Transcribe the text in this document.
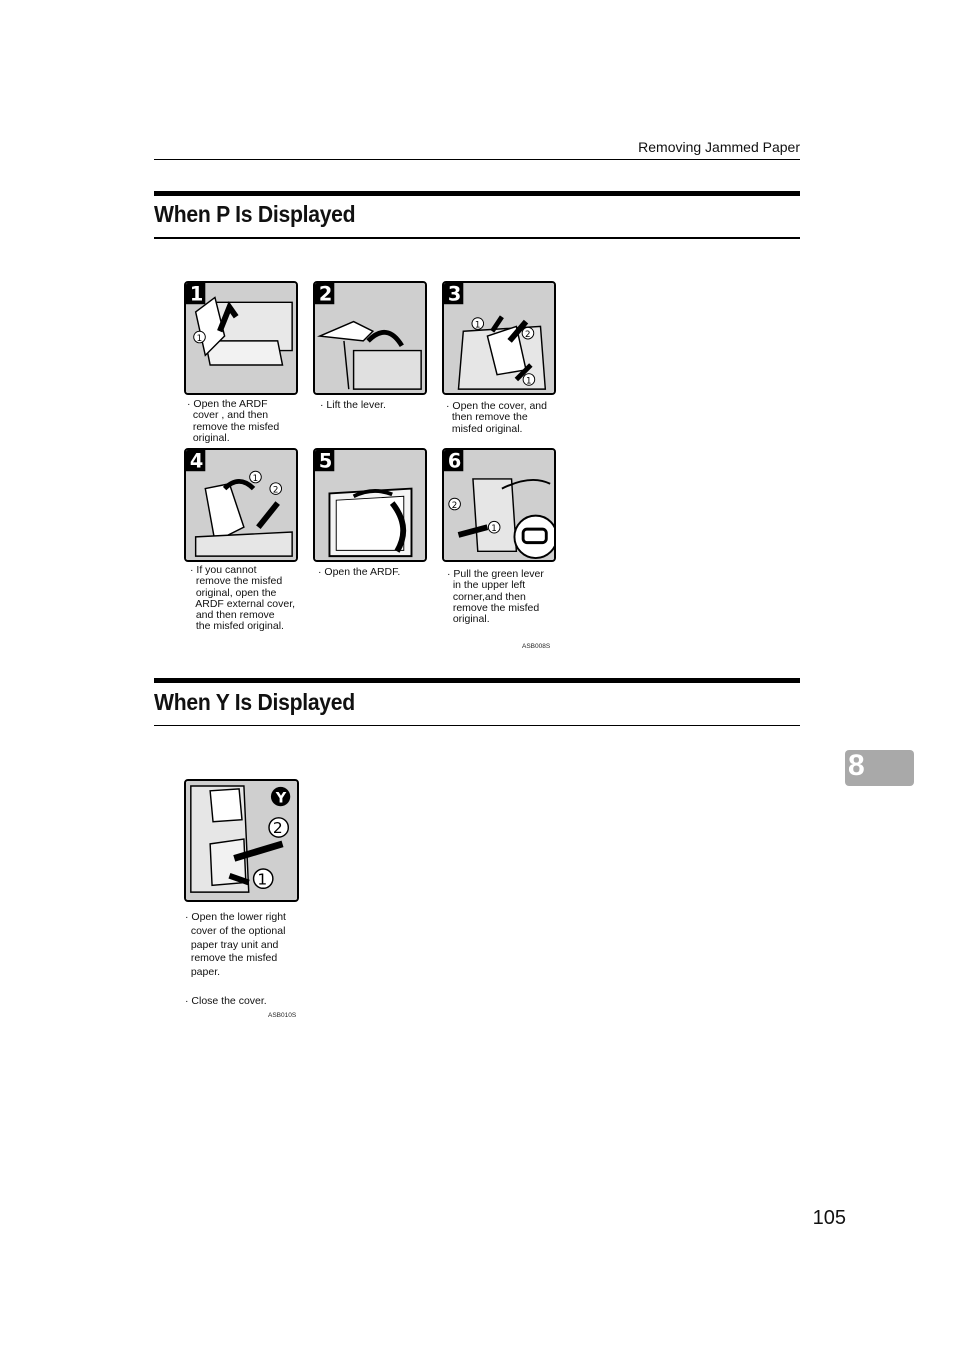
Removing Jammed Paper
When P Is Displayed
1
1
· Open the ARDF
cover , and then
remove the misfed
original.
2
· Lift the lever.
1
2
1
3
· Open the cover, and
then remove the
misfed original.
1
2
4
· If you cannot
remove the misfed
original, open the
ARDF external cover,
and then remove
the misfed original.
5
· Open the ARDF.
2
1
6
· Pull the green lever
in the upper left
corner,and then
remove the misfed
original.
ASB008S
When Y Is Displayed
2
1
Y
· Open the lower right
cover of the optional
paper tray unit and
remove the misfed
paper.
· Close the cover.
ASB010S
8
105
